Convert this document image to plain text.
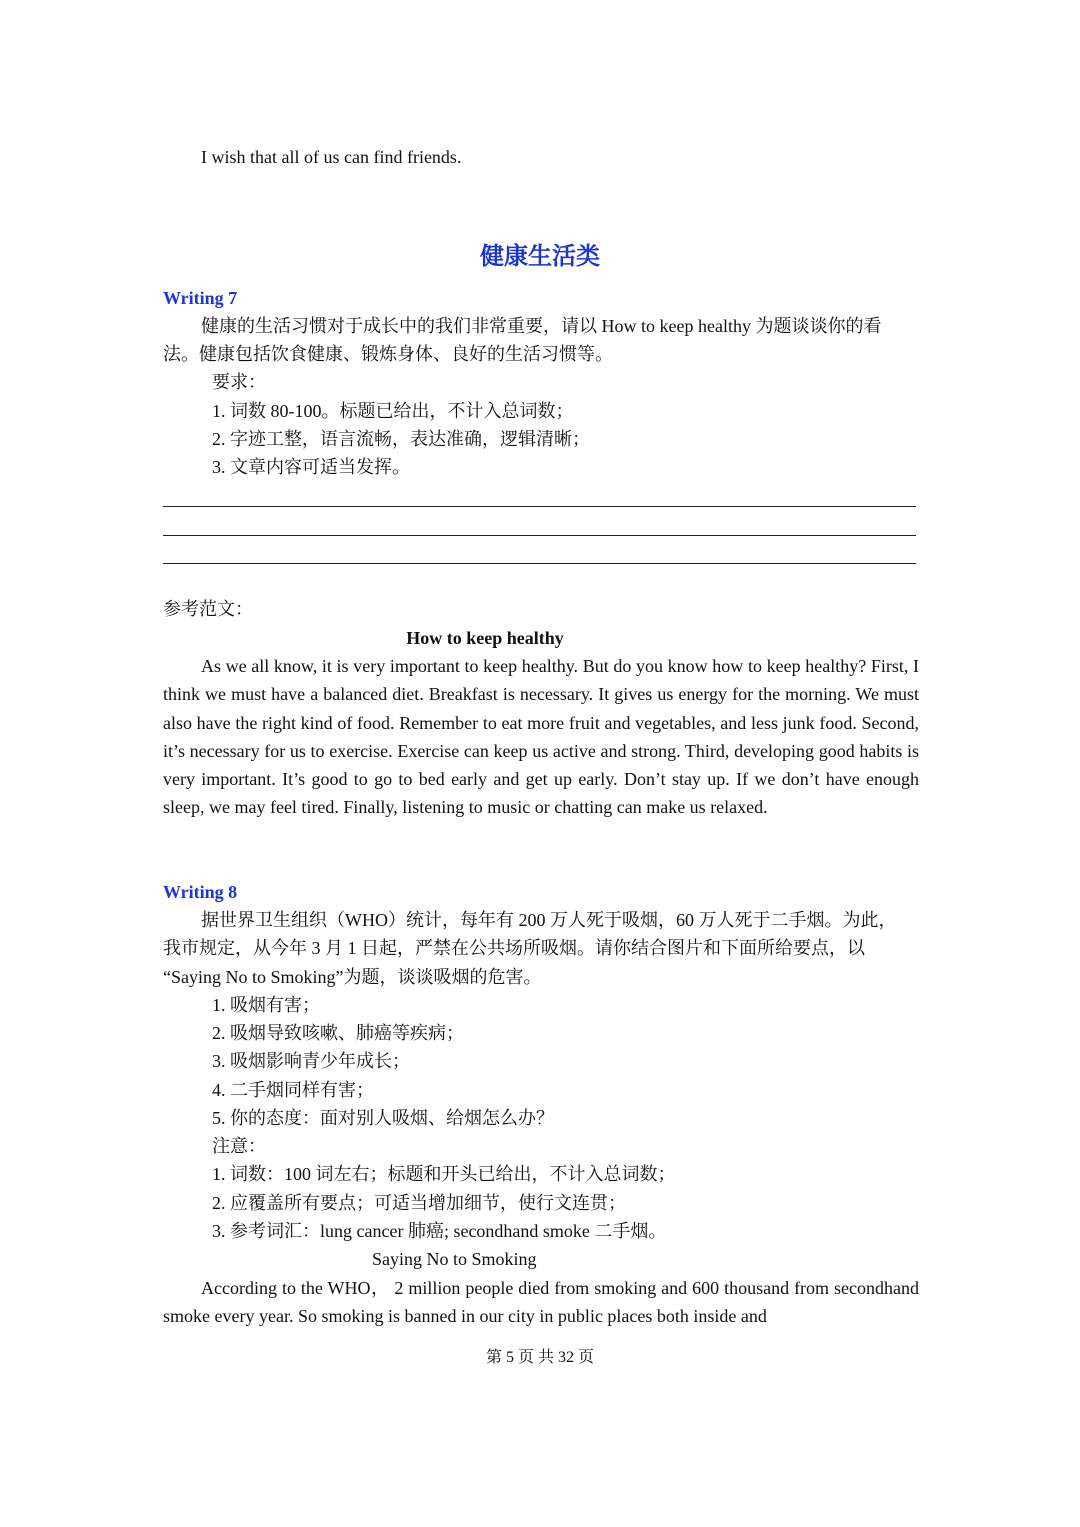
I wish that all of us can find friends.
健康生活类
Writing 7
健康的生活习惯对于成长中的我们非常重要，请以 How to keep healthy 为题谈谈你的看
法。健康包括饮食健康、锻炼身体、良好的生活习惯等。
要求：
1. 词数 80-100。标题已给出，不计入总词数；
2. 字迹工整，语言流畅，表达准确，逻辑清晰；
3. 文章内容可适当发挥。
参考范文：
How to keep healthy
As we all know, it is very important to keep healthy. But do you know how to keep healthy? First, I think we must have a balanced diet. Breakfast is necessary. It gives us energy for the morning. We must also have the right kind of food. Remember to eat more fruit and vegetables, and less junk food. Second, it’s necessary for us to exercise. Exercise can keep us active and strong. Third, developing good habits is very important. It’s good to go to bed early and get up early. Don’t stay up. If we don’t have enough sleep, we may feel tired. Finally, listening to music or chatting can make us relaxed.
Writing 8
据世界卫生组织（WHO）统计，每年有 200 万人死于吸烟，60 万人死于二手烟。为此，
我市规定，从今年 3 月 1 日起，严禁在公共场所吸烟。请你结合图片和下面所给要点，以
“Saying No to Smoking”为题，谈谈吸烟的危害。
1. 吸烟有害；
2. 吸烟导致咳嗽、肺癌等疾病；
3. 吸烟影响青少年成长；
4. 二手烟同样有害；
5. 你的态度：面对别人吸烟、给烟怎么办？
注意：
1. 词数：100 词左右；标题和开头已给出，不计入总词数；
2. 应覆盖所有要点；可适当增加细节，使行文连贯；
3. 参考词汇：lung cancer 肺癌; secondhand smoke 二手烟。
Saying No to Smoking
According to the WHO， 2 million people died from smoking and 600 thousand from secondhand smoke every year. So smoking is banned in our city in public places both inside and
第 5 页 共 32 页
